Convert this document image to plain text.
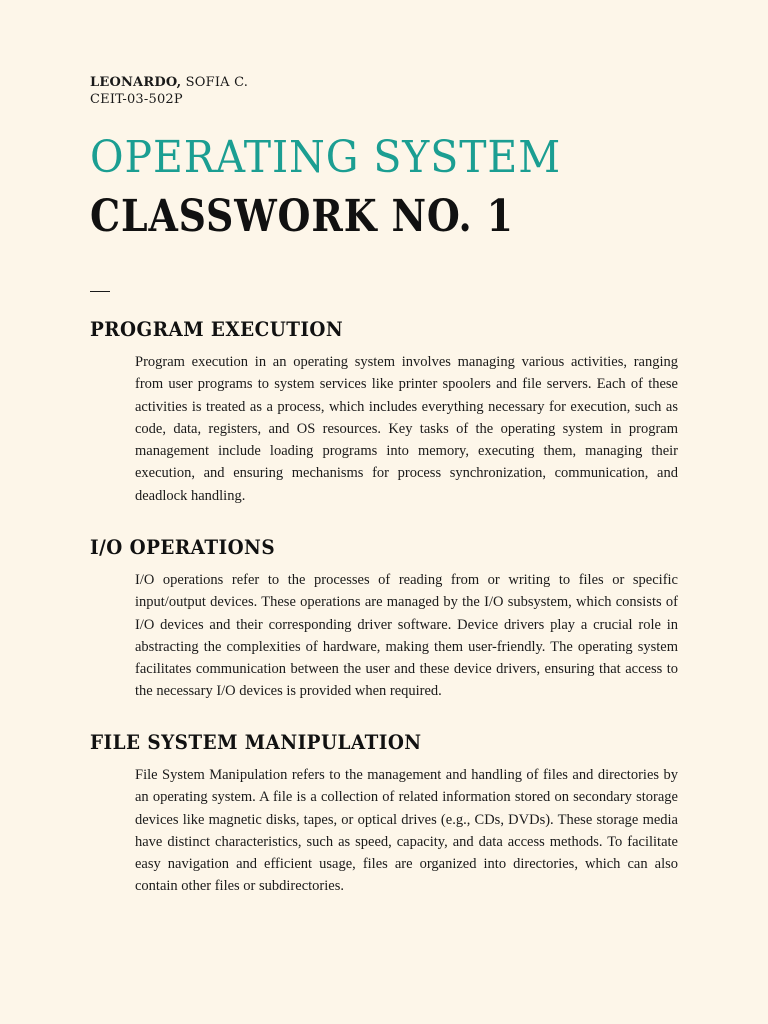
LEONARDO, SOFIA C.
CEIT-03-502P
OPERATING SYSTEM
CLASSWORK NO. 1
PROGRAM EXECUTION

Program execution in an operating system involves managing various activities, ranging from user programs to system services like printer spoolers and file servers. Each of these activities is treated as a process, which includes everything necessary for execution, such as code, data, registers, and OS resources. Key tasks of the operating system in program management include loading programs into memory, executing them, managing their execution, and ensuring mechanisms for process synchronization, communication, and deadlock handling.

I/O OPERATIONS

I/O operations refer to the processes of reading from or writing to files or specific input/output devices. These operations are managed by the I/O subsystem, which consists of I/O devices and their corresponding driver software. Device drivers play a crucial role in abstracting the complexities of hardware, making them user-friendly. The operating system facilitates communication between the user and these device drivers, ensuring that access to the necessary I/O devices is provided when required.

FILE SYSTEM MANIPULATION

File System Manipulation refers to the management and handling of files and directories by an operating system. A file is a collection of related information stored on secondary storage devices like magnetic disks, tapes, or optical drives (e.g., CDs, DVDs). These storage media have distinct characteristics, such as speed, capacity, and data access methods. To facilitate easy navigation and efficient usage, files are organized into directories, which can also contain other files or subdirectories.
